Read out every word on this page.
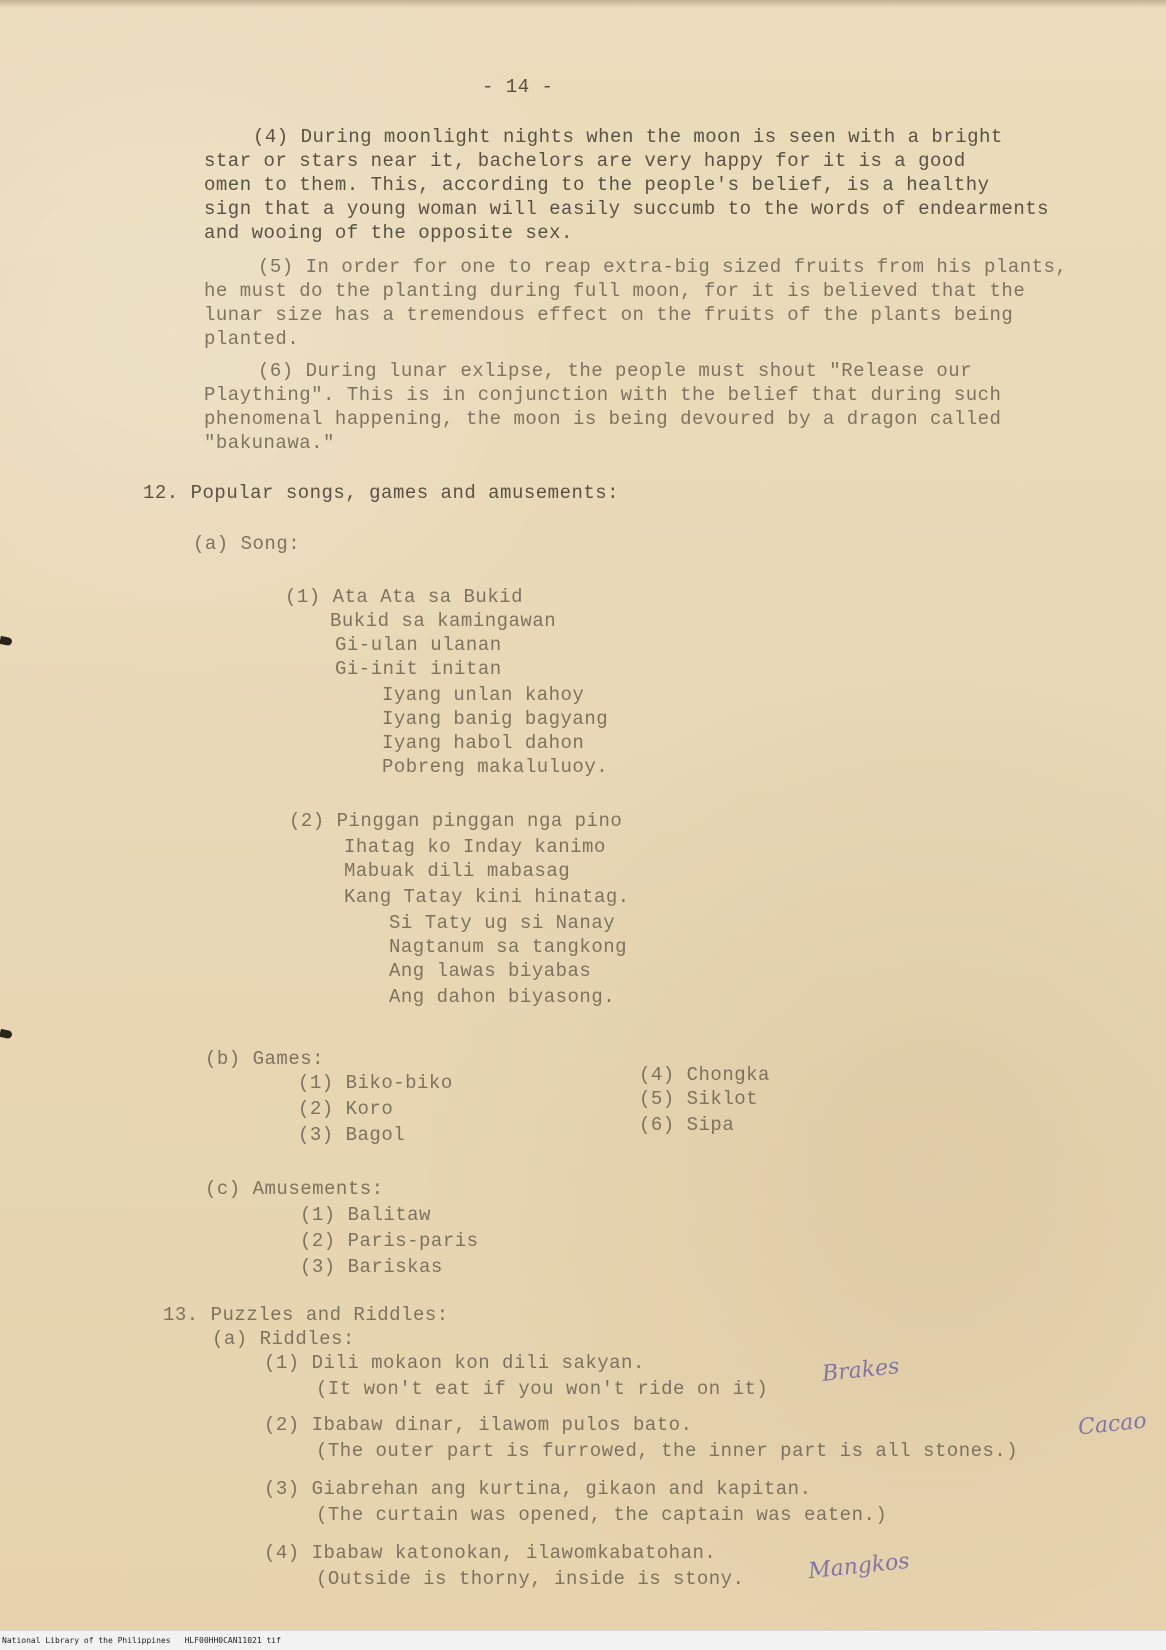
- 14 -
(4) During moonlight nights when the moon is seen with a bright
star or stars near it, bachelors are very happy for it is a good
omen to them. This, according to the people's belief, is a healthy
sign that a young woman will easily succumb to the words of endearments
and wooing of the opposite sex.
(5) In order for one to reap extra-big sized fruits from his plants,
he must do the planting during full moon, for it is believed that the
lunar size has a tremendous effect on the fruits of the plants being
planted.
(6) During lunar exlipse, the people must shout "Release our
Plaything". This is in conjunction with the belief that during such
phenomenal happening, the moon is being devoured by a dragon called
"bakunawa."
12. Popular songs, games and amusements:
(a) Song:
(1) Ata Ata sa Bukid
Bukid sa kamingawan
Gi-ulan ulanan
Gi-init initan
Iyang unlan kahoy
Iyang banig bagyang
Iyang habol dahon
Pobreng makaluluoy.
(2) Pinggan pinggan nga pino
Ihatag ko Inday kanimo
Mabuak dili mabasag
Kang Tatay kini hinatag.
Si Taty ug si Nanay
Nagtanum sa tangkong
Ang lawas biyabas
Ang dahon biyasong.
(b) Games:
(1) Biko-biko
(2) Koro
(3) Bagol
(4) Chongka
(5) Siklot
(6) Sipa
(c) Amusements:
(1) Balitaw
(2) Paris-paris
(3) Bariskas
13. Puzzles and Riddles:
(a) Riddles:
(1) Dili mokaon kon dili sakyan.
(It won't eat if you won't ride on it)
(2) Ibabaw dinar, ilawom pulos bato.
(The outer part is furrowed, the inner part is all stones.)
(3) Giabrehan ang kurtina, gikaon and kapitan.
(The curtain was opened, the captain was eaten.)
(4) Ibabaw katonokan, ilawomkabatohan.
(Outside is thorny, inside is stony.
Brakes
Cacao
Mangkos
National Library of the Philippines HLF00HH0CAN11021 tif
